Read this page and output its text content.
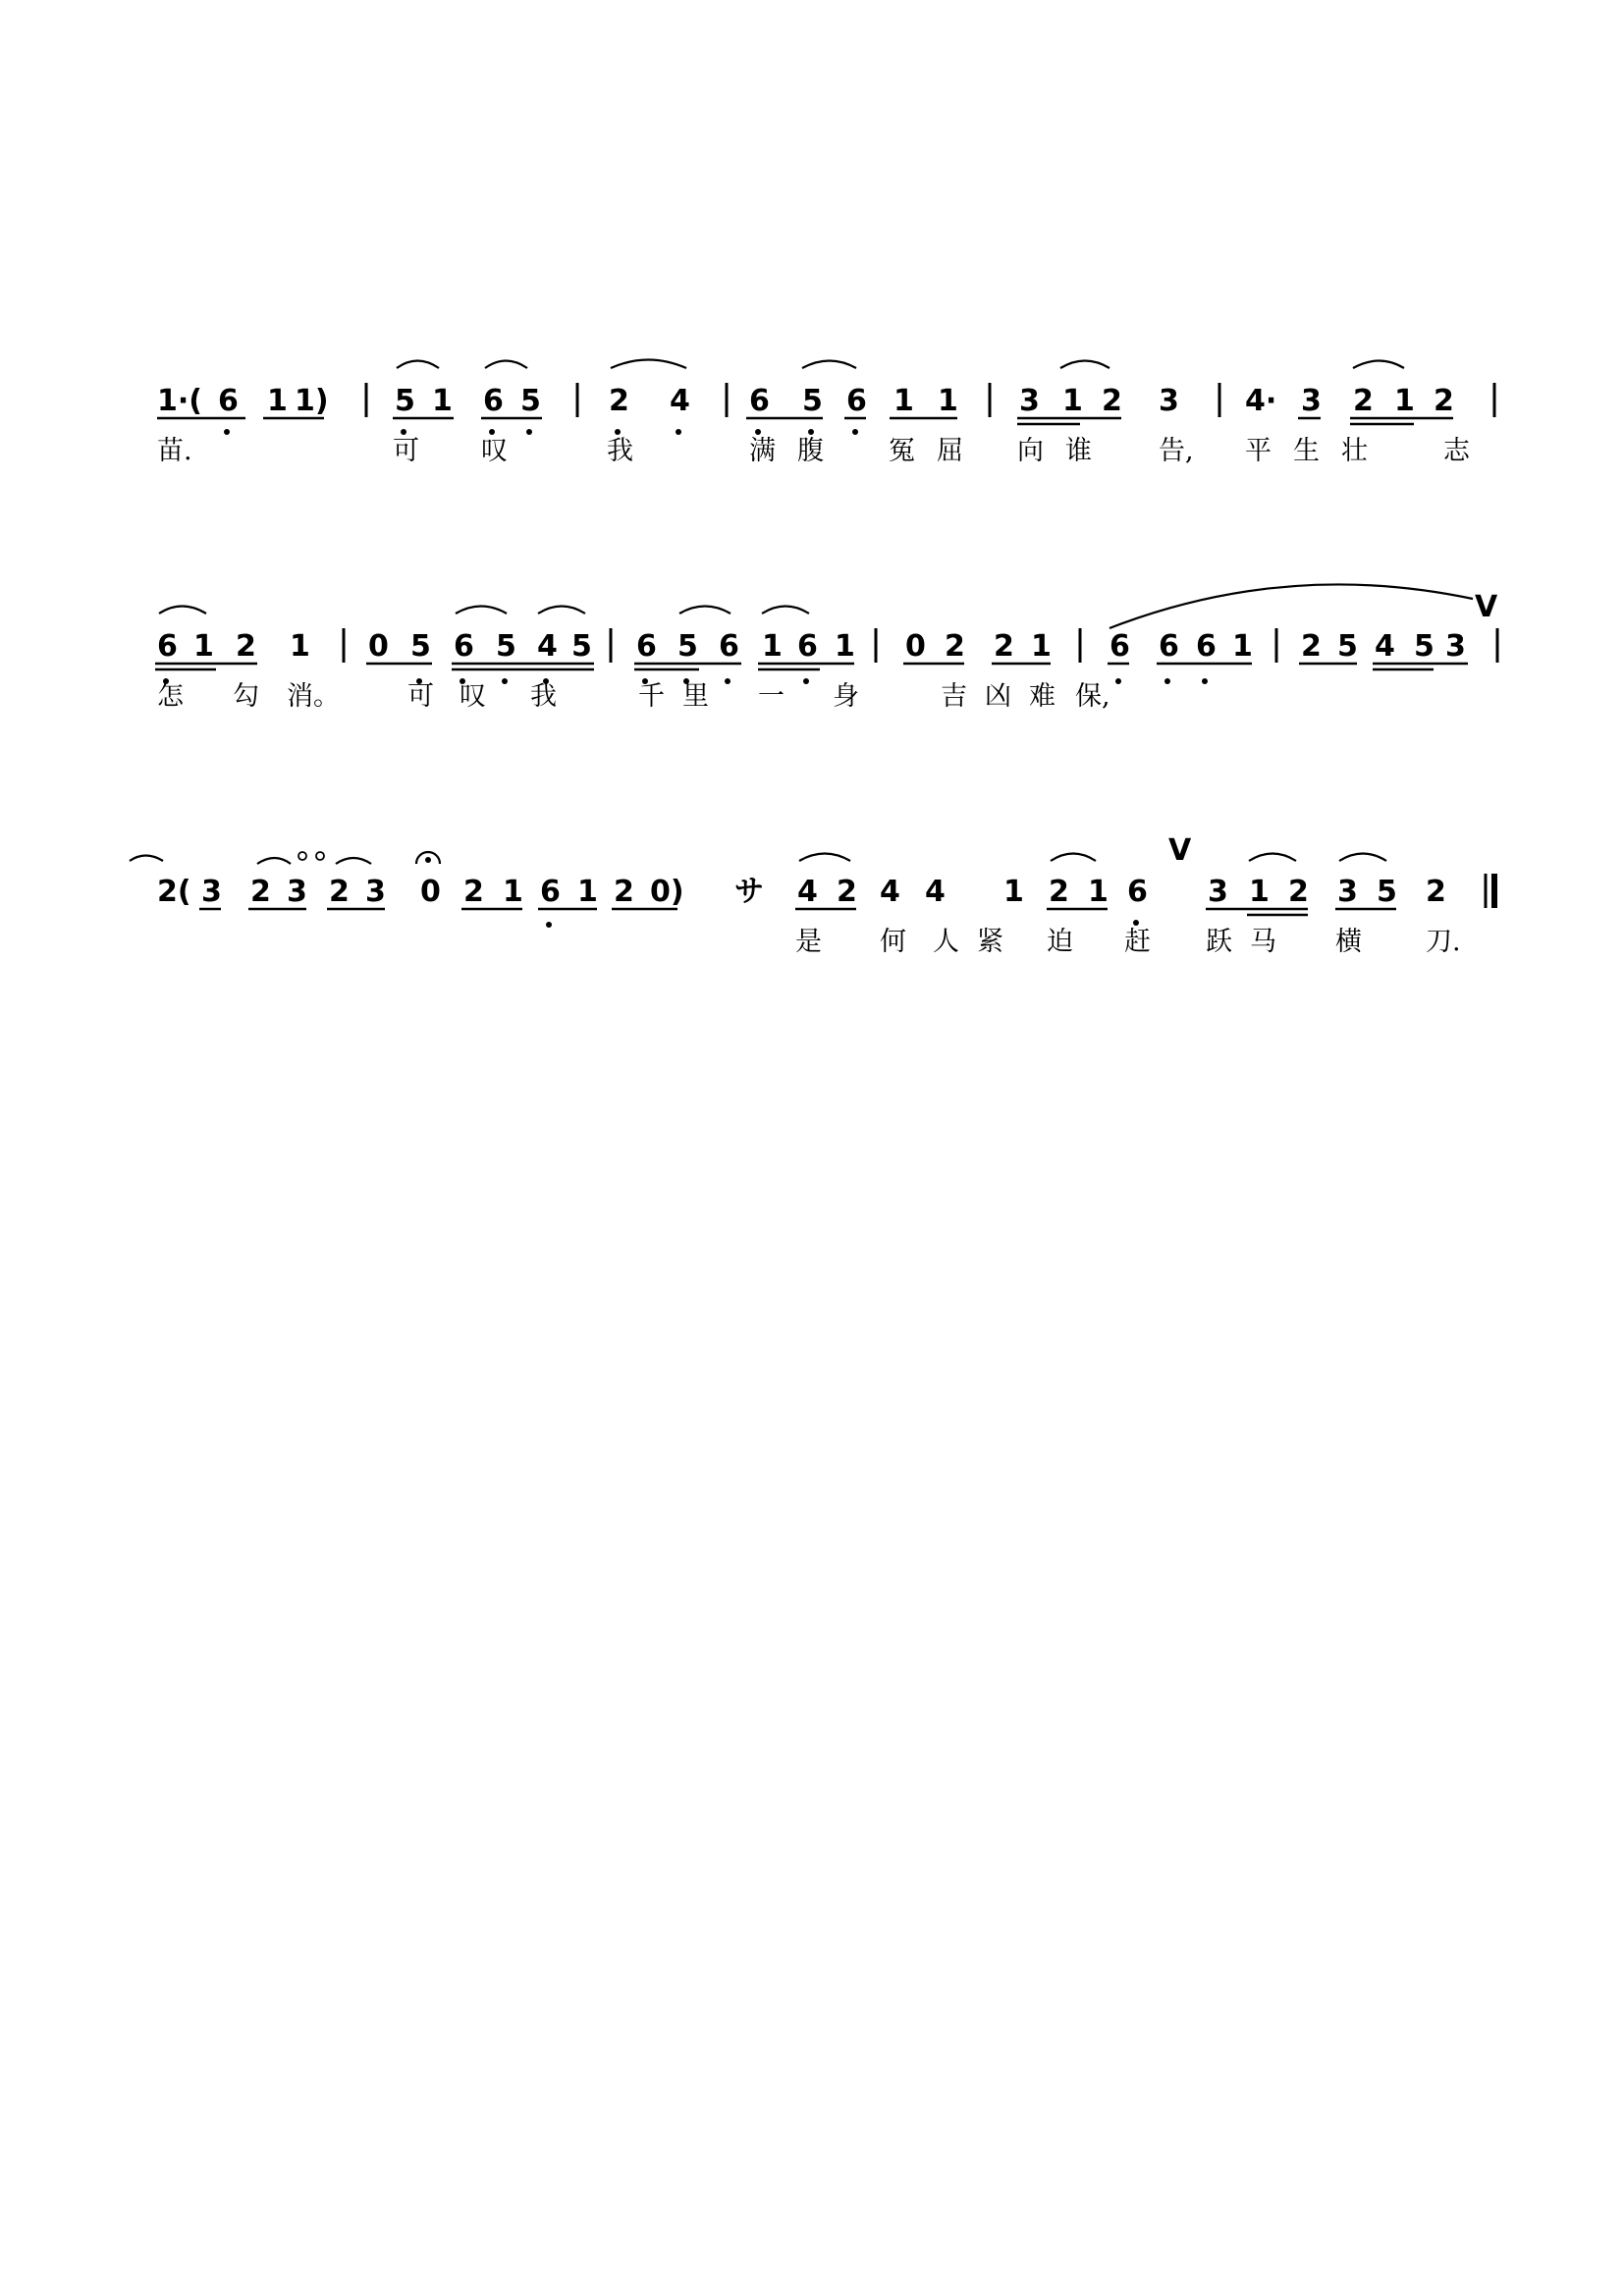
1·( 6 1 1) 5 1 6 5 2 4 6 5 6 1 1 3 1 2 3 4· 3 2 1 2
苗.	可 叹	我	满腹 冤屈 向谁 告, 平生壮 志
6 1 2 1 0 5 6 5 4 5 6 5 6 1 6 1 0 2 2 1 6 6 6 1 2 5 4 5 3
V
怎 勾 消。	可 叹 我	千里 一 身	吉凶难 保,
2( 3 2 3 2 3 0 2 1 6 1 2 0) サ 4 2 4 4 1 2 1 6
V
3 1 2 3 5 2
是 何 人紧 迫 赶 跃马 横 刀.
